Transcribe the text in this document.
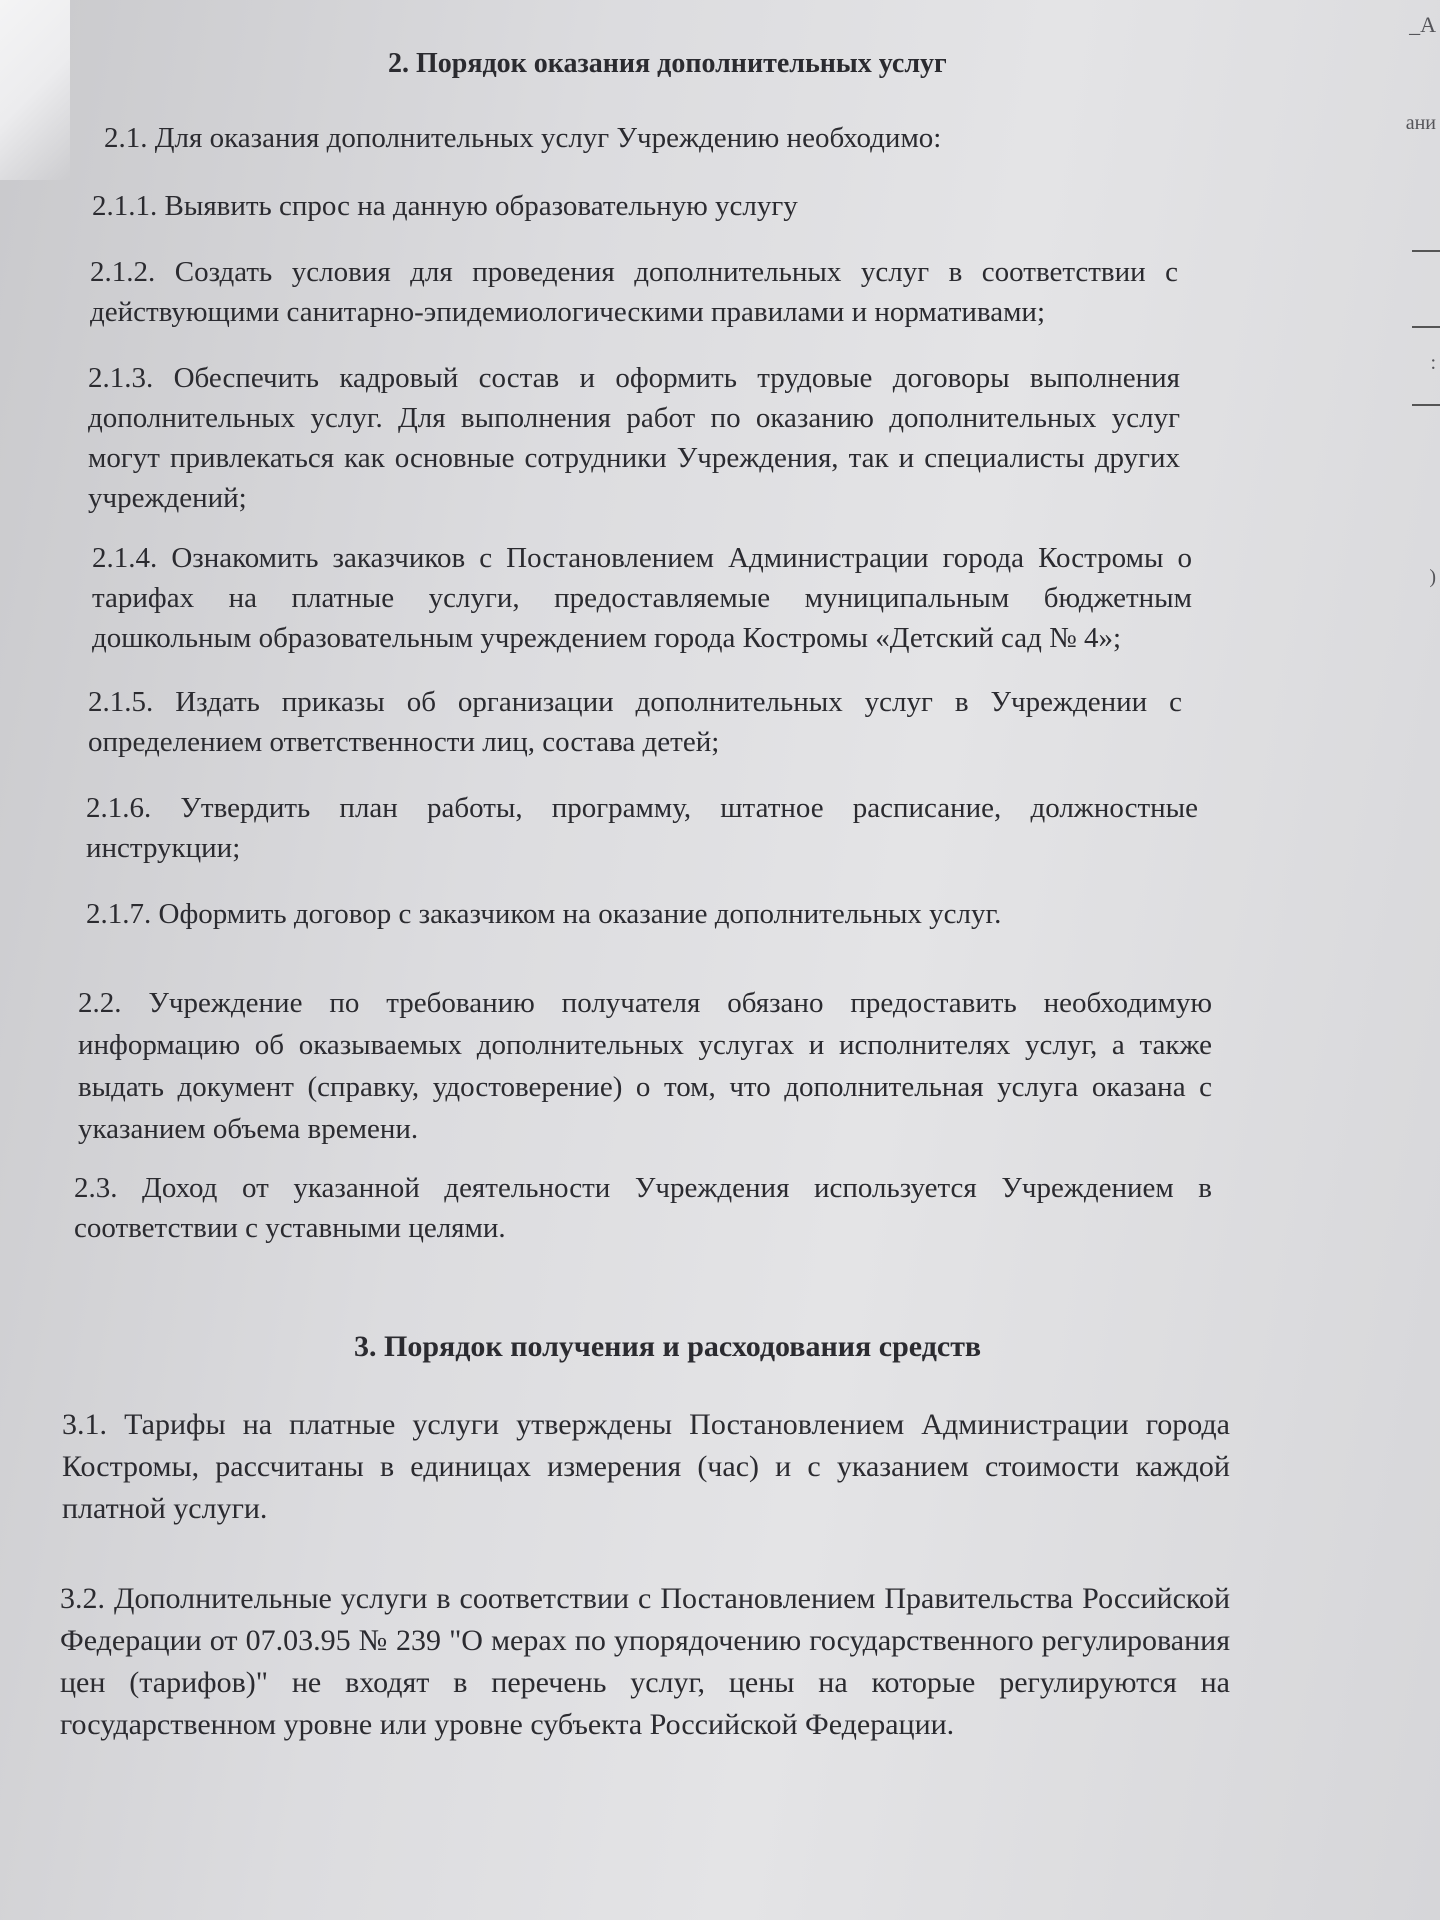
_А
ани
:
)
2. Порядок оказания дополнительных услуг
2.1. Для оказания дополнительных услуг Учреждению необходимо:
2.1.1. Выявить спрос на данную образовательную услугу
2.1.2. Создать условия для проведения дополнительных услуг в соответствии с действующими санитарно-эпидемиологическими правилами и нормативами;
2.1.3. Обеспечить кадровый состав и оформить трудовые договоры выполнения дополнительных услуг. Для выполнения работ по оказанию дополнительных услуг могут привлекаться как основные сотрудники Учреждения, так и специалисты других учреждений;
2.1.4. Ознакомить заказчиков с Постановлением Администрации города Костромы о тарифах на платные услуги, предоставляемые муниципальным бюджетным дошкольным образовательным учреждением города Костромы «Детский сад № 4»;
2.1.5. Издать приказы об организации дополнительных услуг в Учреждении с определением ответственности лиц, состава детей;
2.1.6. Утвердить план работы, программу, штатное расписание, должностные инструкции;
2.1.7. Оформить договор с заказчиком на оказание дополнительных услуг.
2.2. Учреждение по требованию получателя обязано предоставить необходимую информацию об оказываемых дополнительных услугах и исполнителях услуг, а также выдать документ (справку, удостоверение) о том, что дополнительная услуга оказана с указанием объема времени.
2.3. Доход от указанной деятельности Учреждения используется Учреждением в соответствии с уставными целями.
3. Порядок получения и расходования средств
3.1. Тарифы на платные услуги утверждены Постановлением Администрации города Костромы, рассчитаны в единицах измерения (час) и с указанием стоимости каждой платной услуги.
3.2. Дополнительные услуги в соответствии с Постановлением Правительства Российской Федерации от 07.03.95 № 239 "О мерах по упорядочению государственного регулирования цен (тарифов)" не входят в перечень услуг, цены на которые регулируются на государственном уровне или уровне субъекта Российской Федерации.
